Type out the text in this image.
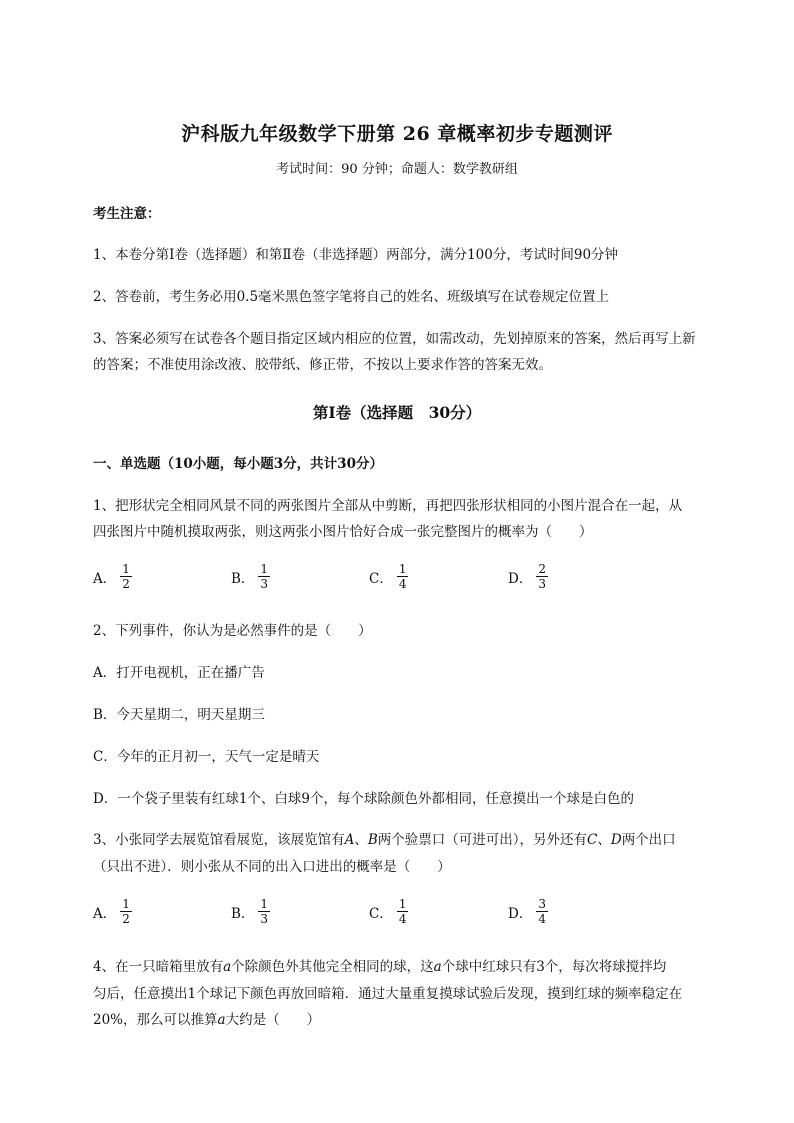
沪科版九年级数学下册第 26 章概率初步专题测评
考试时间：90 分钟；命题人：数学教研组
考生注意：
1、本卷分第Ⅰ卷（选择题）和第Ⅱ卷（非选择题）两部分，满分100分，考试时间90分钟
2、答卷前，考生务必用0.5毫米黑色签字笔将自己的姓名、班级填写在试卷规定位置上
3、答案必须写在试卷各个题目指定区域内相应的位置，如需改动，先划掉原来的答案，然后再写上新
的答案；不准使用涂改液、胶带纸、修正带，不按以上要求作答的答案无效。
第Ⅰ卷（选择题　30分）
一、单选题（10小题，每小题3分，共计30分）
1、把形状完全相同风景不同的两张图片全部从中剪断，再把四张形状相同的小图片混合在一起，从
四张图片中随机摸取两张，则这两张小图片恰好合成一张完整图片的概率为（　　）
A． $\frac{1}{2}$	B． $\frac{1}{3}$	C． $\frac{1}{4}$	D． $\frac{2}{3}$
2、下列事件，你认为是必然事件的是（　　）
A．打开电视机，正在播广告
B．今天星期二，明天星期三
C．今年的正月初一，天气一定是晴天
D．一个袋子里装有红球1个、白球9个，每个球除颜色外都相同，任意摸出一个球是白色的
3、小张同学去展览馆看展览，该展览馆有A、B两个验票口（可进可出），另外还有C、D两个出口
（只出不进）．则小张从不同的出入口进出的概率是（　　）
A． $\frac{1}{2}$	B． $\frac{1}{3}$	C． $\frac{1}{4}$	D． $\frac{3}{4}$
4、在一只暗箱里放有a个除颜色外其他完全相同的球，这a个球中红球只有3个，每次将球搅拌均
匀后，任意摸出1个球记下颜色再放回暗箱．通过大量重复摸球试验后发现，摸到红球的频率稳定在
20%，那么可以推算a大约是（　　）
